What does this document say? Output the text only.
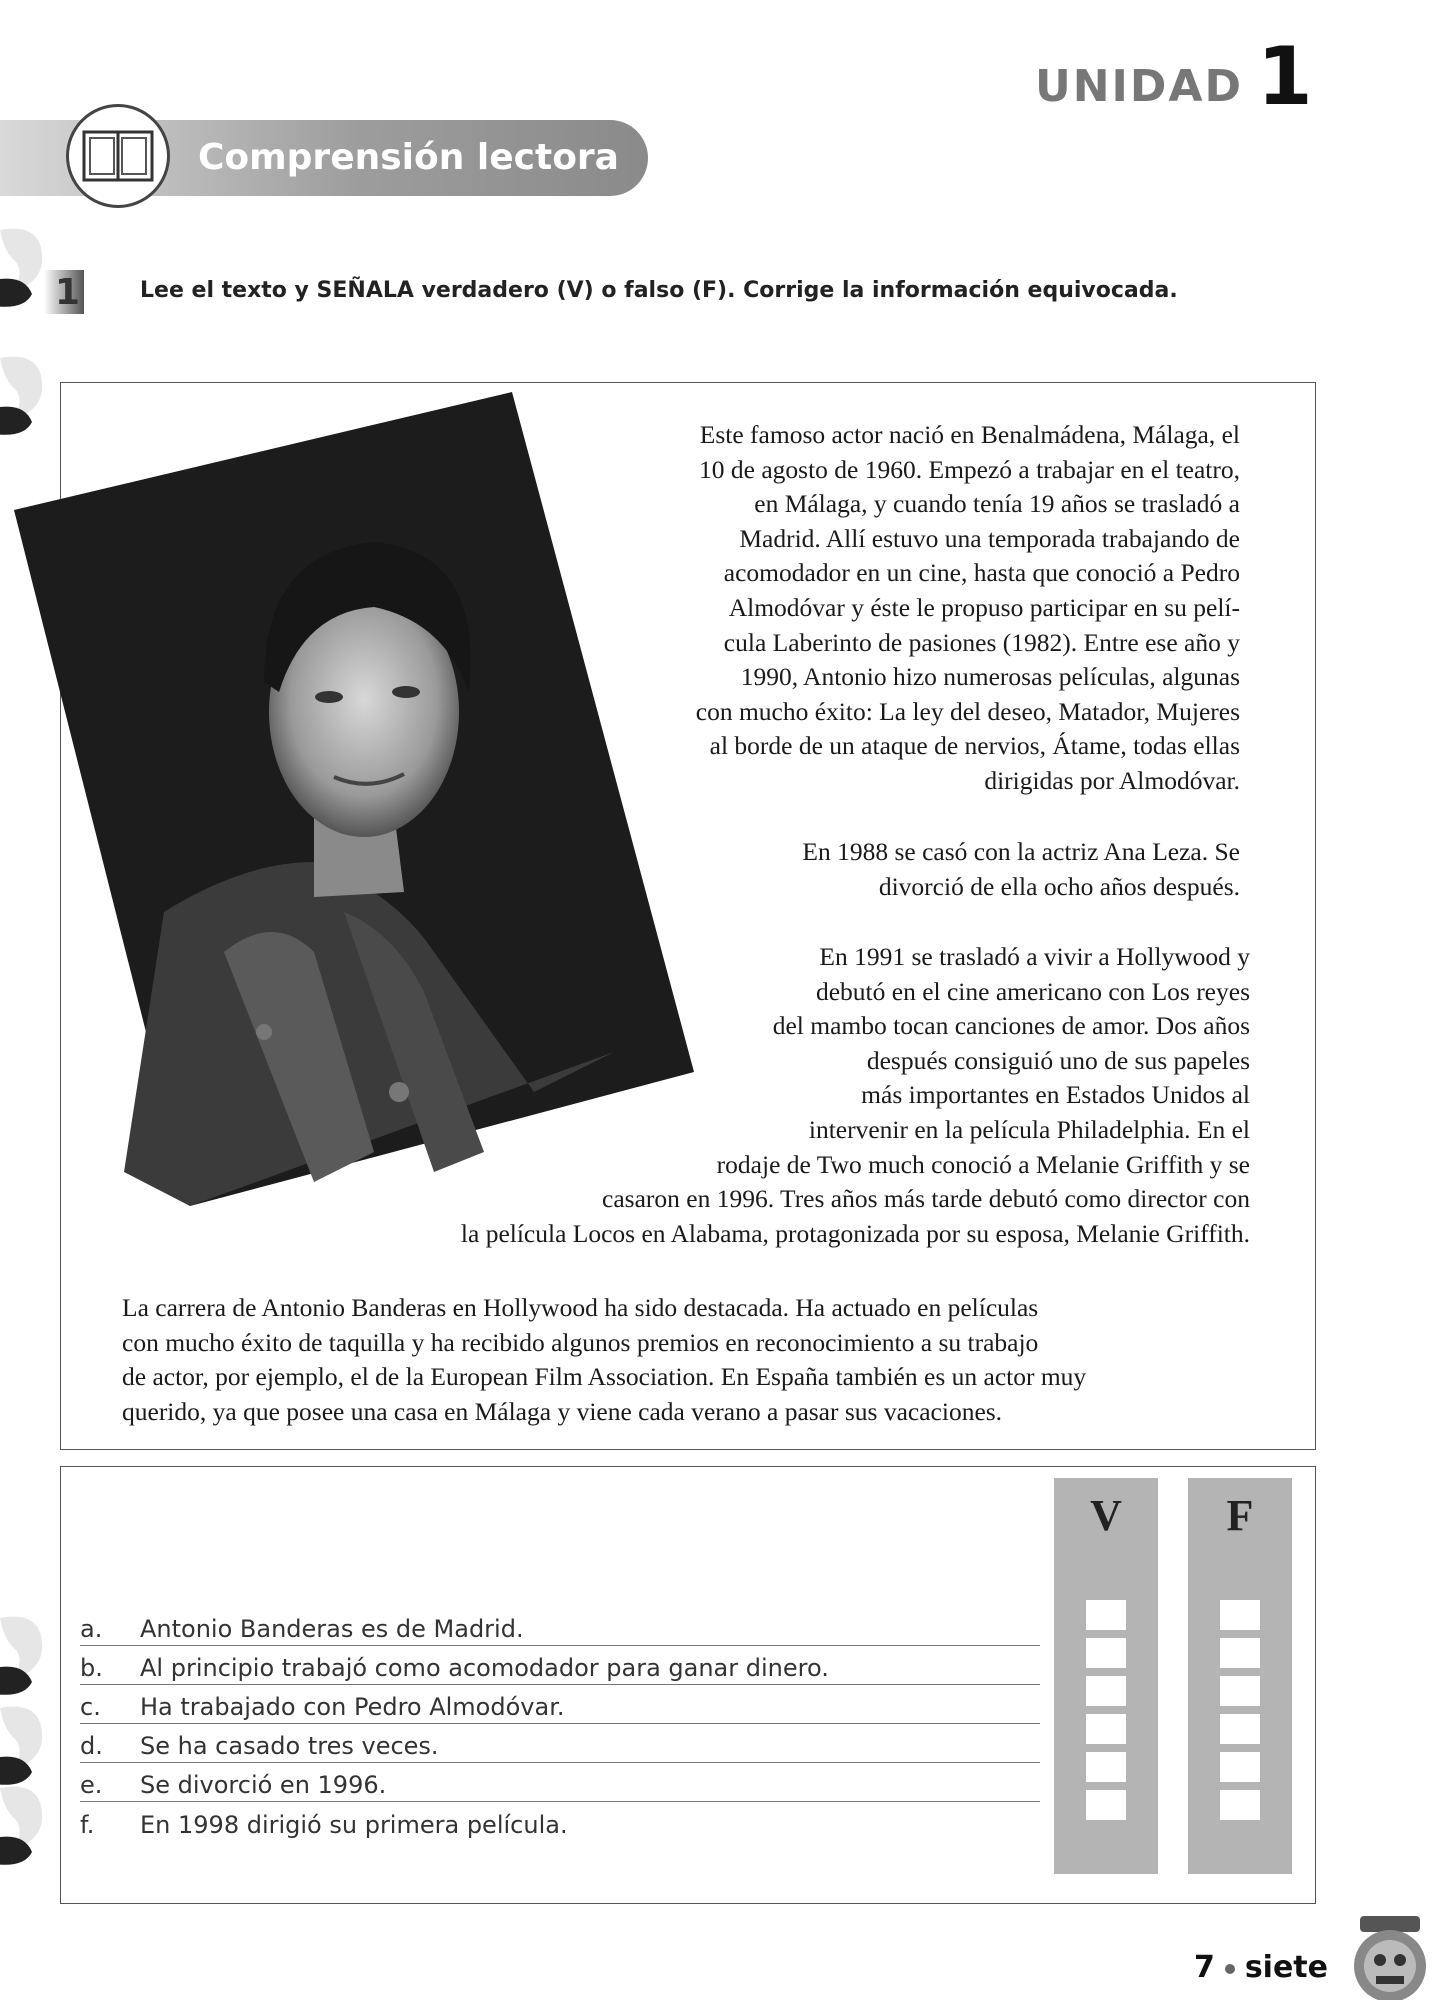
UNIDAD 1
Comprensión lectora
1	Lee el texto y SEÑALA verdadero (V) o falso (F). Corrige la información equivocada.
Este famoso actor nació en Benalmádena, Málaga, el
10 de agosto de 1960. Empezó a trabajar en el teatro,
en Málaga, y cuando tenía 19 años se trasladó a
Madrid. Allí estuvo una temporada trabajando de
acomodador en un cine, hasta que conoció a Pedro
Almodóvar y éste le propuso participar en su pelí-
cula Laberinto de pasiones (1982). Entre ese año y
1990, Antonio hizo numerosas películas, algunas
con mucho éxito: La ley del deseo, Matador, Mujeres
al borde de un ataque de nervios, Átame, todas ellas
dirigidas por Almodóvar.
En 1988 se casó con la actriz Ana Leza. Se
divorció de ella ocho años después.
En 1991 se trasladó a vivir a Hollywood y
debutó en el cine americano con Los reyes
del mambo tocan canciones de amor. Dos años
después consiguió uno de sus papeles
más importantes en Estados Unidos al
intervenir en la película Philadelphia. En el
rodaje de Two much conoció a Melanie Griffith y se
casaron en 1996. Tres años más tarde debutó como director con
la película Locos en Alabama, protagonizada por su esposa, Melanie Griffith.
La carrera de Antonio Banderas en Hollywood ha sido destacada. Ha actuado en películas
con mucho éxito de taquilla y ha recibido algunos premios en reconocimiento a su trabajo
de actor, por ejemplo, el de la European Film Association. En España también es un actor muy
querido, ya que posee una casa en Málaga y viene cada verano a pasar sus vacaciones.
V	F
a.	Antonio Banderas es de Madrid.
b.	Al principio trabajó como acomodador para ganar dinero.
c.	Ha trabajado con Pedro Almodóvar.
d.	Se ha casado tres veces.
e.	Se divorció en 1996.
f.	En 1998 dirigió su primera película.
7 siete
